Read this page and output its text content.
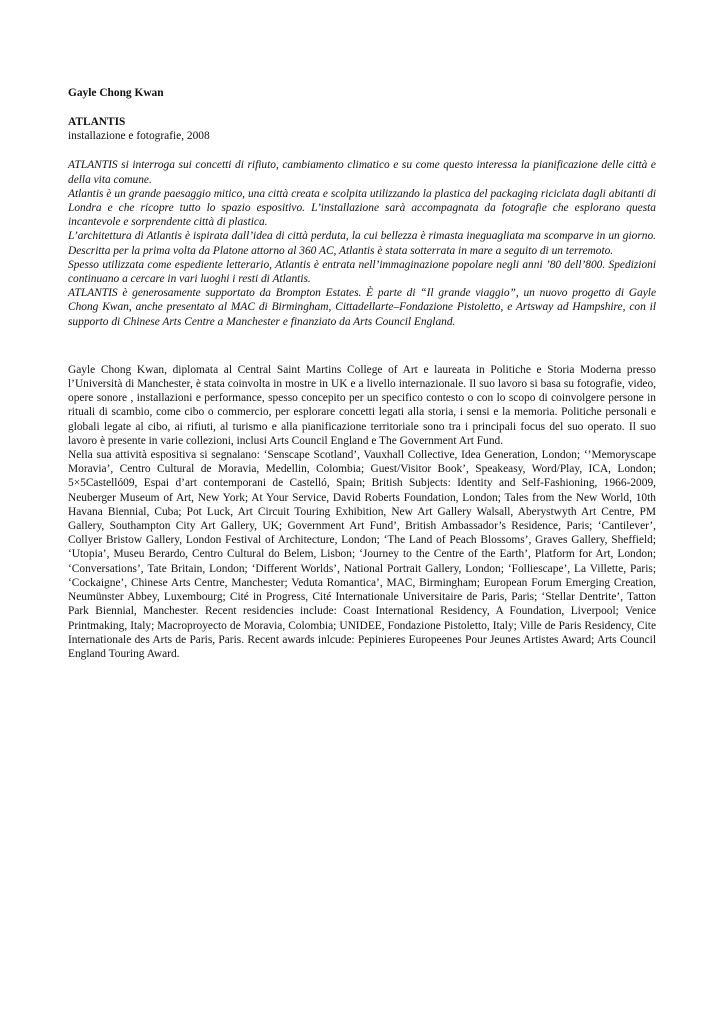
Gayle Chong Kwan

ATLANTIS

installazione e fotografie, 2008

ATLANTIS si interroga sui concetti di rifiuto, cambiamento climatico e su come questo interessa la pianificazione delle città e della vita comune.

Atlantis è un grande paesaggio mitico, una città creata e scolpita utilizzando la plastica del packaging riciclata dagli abitanti di Londra e che ricopre tutto lo spazio espositivo. L’installazione sarà accompagnata da fotografie che esplorano questa incantevole e sorprendente città di plastica.

L’architettura di Atlantis è ispirata dall’idea di città perduta, la cui bellezza è rimasta ineguagliata ma scomparve in un giorno. Descritta per la prima volta da Platone attorno al 360 AC, Atlantis è stata sotterrata in mare a seguito di un terremoto.

Spesso utilizzata come espediente letterario, Atlantis è entrata nell’immaginazione popolare negli anni ’80 dell’800. Spedizioni continuano a cercare in vari luoghi i resti di Atlantis.

ATLANTIS è generosamente supportato da Brompton Estates. È parte di “Il grande viaggio”, un nuovo progetto di Gayle Chong Kwan, anche presentato al MAC di Birmingham, Cittadellarte–Fondazione Pistoletto, e Artsway ad Hampshire, con il supporto di Chinese Arts Centre a Manchester e finanziato da Arts Council England.

Gayle Chong Kwan, diplomata al Central Saint Martins College of Art e laureata in Politiche e Storia Moderna presso l’Università di Manchester, è stata coinvolta in mostre in UK e a livello internazionale. Il suo lavoro si basa su fotografie, video, opere sonore , installazioni e performance, spesso concepito per un specifico contesto o con lo scopo di coinvolgere persone in rituali di scambio, come cibo o commercio, per esplorare concetti legati alla storia, i sensi e la memoria. Politiche personali e globali legate al cibo, ai rifiuti, al turismo e alla pianificazione territoriale sono tra i principali focus del suo operato. Il suo lavoro è presente in varie collezioni, inclusi Arts Council England e The Government Art Fund.

Nella sua attività espositiva si segnalano: ‘Senscape Scotland’, Vauxhall Collective, Idea Generation, London; ‘’Memoryscape Moravia’, Centro Cultural de Moravia, Medellin, Colombia; Guest/Visitor Book’, Speakeasy, Word/Play, ICA, London; 5×5Castelló09, Espai d’art contemporani de Castelló, Spain; British Subjects: Identity and Self-Fashioning, 1966-2009, Neuberger Museum of Art, New York; At Your Service, David Roberts Foundation, London; Tales from the New World, 10th Havana Biennial, Cuba; Pot Luck, Art Circuit Touring Exhibition, New Art Gallery Walsall, Aberystwyth Art Centre, PM Gallery, Southampton City Art Gallery, UK; Government Art Fund’, British Ambassador’s Residence, Paris; ‘Cantilever’, Collyer Bristow Gallery, London Festival of Architecture, London; ‘The Land of Peach Blossoms’, Graves Gallery, Sheffield; ‘Utopia’, Museu Berardo, Centro Cultural do Belem, Lisbon; ‘Journey to the Centre of the Earth’, Platform for Art, London; ‘Conversations’, Tate Britain, London; ‘Different Worlds’, National Portrait Gallery, London; ‘Folliescape’, La Villette, Paris; ‘Cockaigne’, Chinese Arts Centre, Manchester; Veduta Romantica’, MAC, Birmingham; European Forum Emerging Creation, Neumünster Abbey, Luxembourg; Cité in Progress, Cité Internationale Universitaire de Paris, Paris; ‘Stellar Dentrite’, Tatton Park Biennial, Manchester. Recent residencies include: Coast International Residency, A Foundation, Liverpool; Venice Printmaking, Italy; Macroproyecto de Moravia, Colombia; UNIDEE, Fondazione Pistoletto, Italy; Ville de Paris Residency, Cite Internationale des Arts de Paris, Paris. Recent awards inlcude: Pepinieres Europeenes Pour Jeunes Artistes Award; Arts Council England Touring Award.
